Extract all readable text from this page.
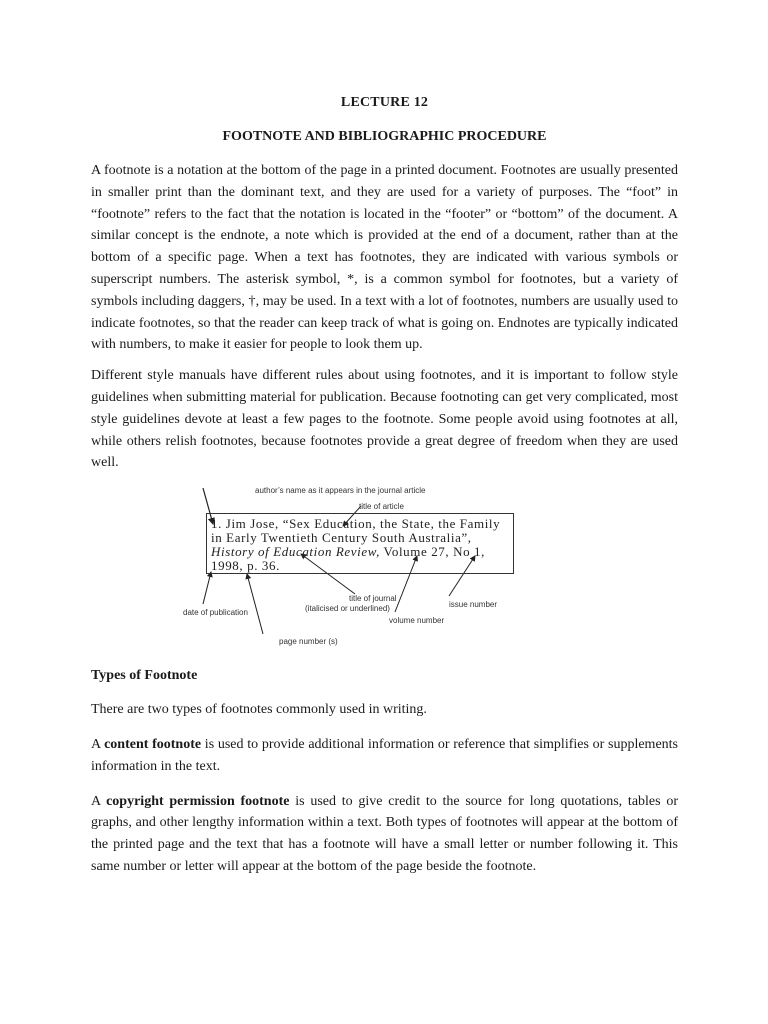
LECTURE 12
FOOTNOTE AND BIBLIOGRAPHIC PROCEDURE

A footnote is a notation at the bottom of the page in a printed document. Footnotes are usually presented in smaller print than the dominant text, and they are used for a variety of purposes. The “foot” in “footnote” refers to the fact that the notation is located in the “footer” or “bottom” of the document. A similar concept is the endnote, a note which is provided at the end of a document, rather than at the bottom of a specific page. When a text has footnotes, they are indicated with various symbols or superscript numbers. The asterisk symbol, *, is a common symbol for footnotes, but a variety of symbols including daggers, †, may be used. In a text with a lot of footnotes, numbers are usually used to indicate footnotes, so that the reader can keep track of what is going on. Endnotes are typically indicated with numbers, to make it easier for people to look them up.

Different style manuals have different rules about using footnotes, and it is important to follow style guidelines when submitting material for publication. Because footnoting can get very complicated, most style guidelines devote at least a few pages to the footnote. Some people avoid using footnotes at all, while others relish footnotes, because footnotes provide a great degree of freedom when they are used well.

author’s name as it appears in the journal article
title of article
1. Jim Jose, “Sex Education, the State, the Family
in Early Twentieth Century South Australia”,
History of Education Review, Volume 27, No 1,
1998, p. 36.
title of journal
(italicised or underlined)	issue number
date of publication
volume number
page number (s)
Types of Footnote

There are two types of footnotes commonly used in writing.

A content footnote is used to provide additional information or reference that simplifies or supplements information in the text.

A copyright permission footnote is used to give credit to the source for long quotations, tables or graphs, and other lengthy information within a text. Both types of footnotes will appear at the bottom of the printed page and the text that has a footnote will have a small letter or number following it. This same number or letter will appear at the bottom of the page beside the footnote.
